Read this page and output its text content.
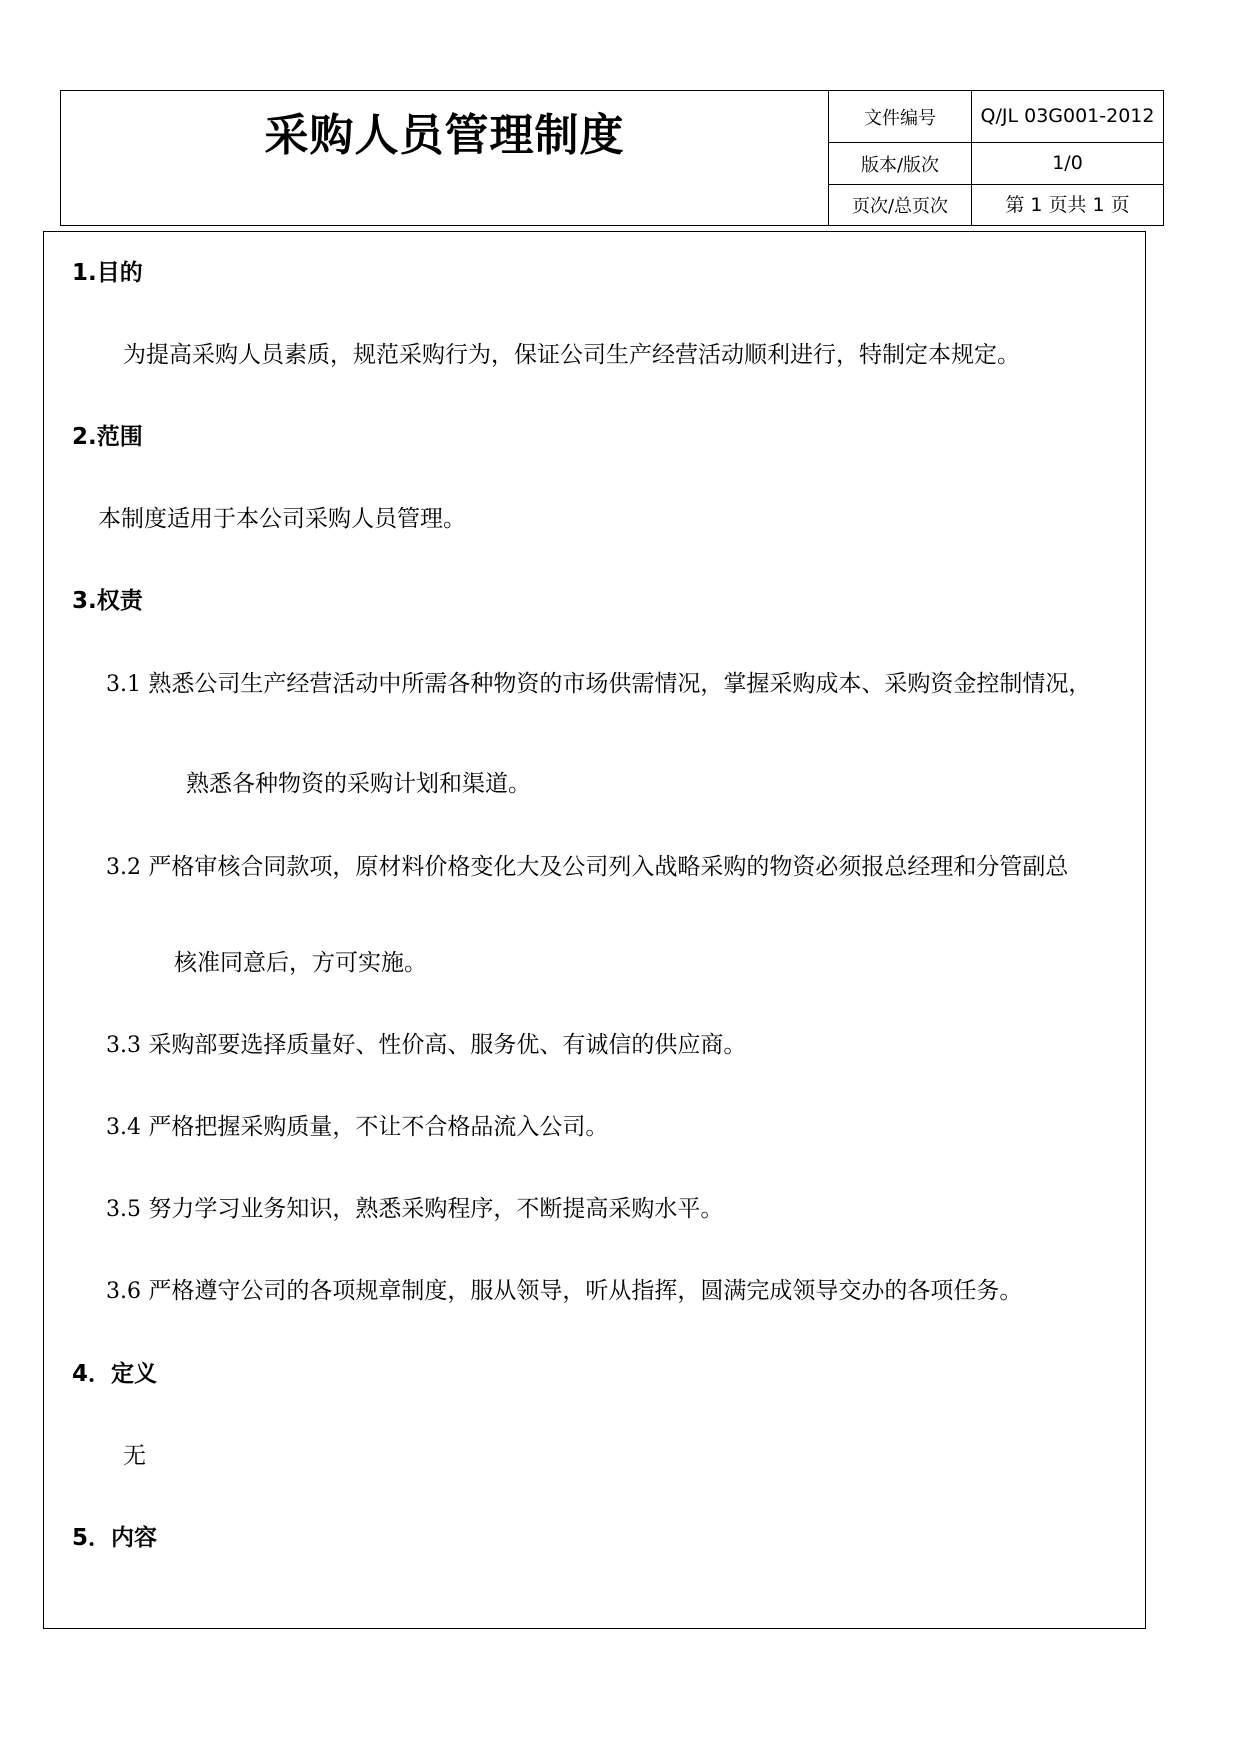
采购人员管理制度	文件编号	Q/JL 03G001-2012
版本/版次	1/0
页次/总页次	第 1 页共 1 页
1.目的
为提高采购人员素质，规范采购行为，保证公司生产经营活动顺利进行，特制定本规定。
2.范围
本制度适用于本公司采购人员管理。
3.权责
3.1 熟悉公司生产经营活动中所需各种物资的市场供需情况，掌握采购成本、采购资金控制情况，
熟悉各种物资的采购计划和渠道。
3.2 严格审核合同款项，原材料价格变化大及公司列入战略采购的物资必须报总经理和分管副总
核准同意后，方可实施。
3.3 采购部要选择质量好、性价高、服务优、有诚信的供应商。
3.4 严格把握采购质量，不让不合格品流入公司。
3.5 努力学习业务知识，熟悉采购程序，不断提高采购水平。
3.6 严格遵守公司的各项规章制度，服从领导，听从指挥，圆满完成领导交办的各项任务。
4．定义
无
5．内容
